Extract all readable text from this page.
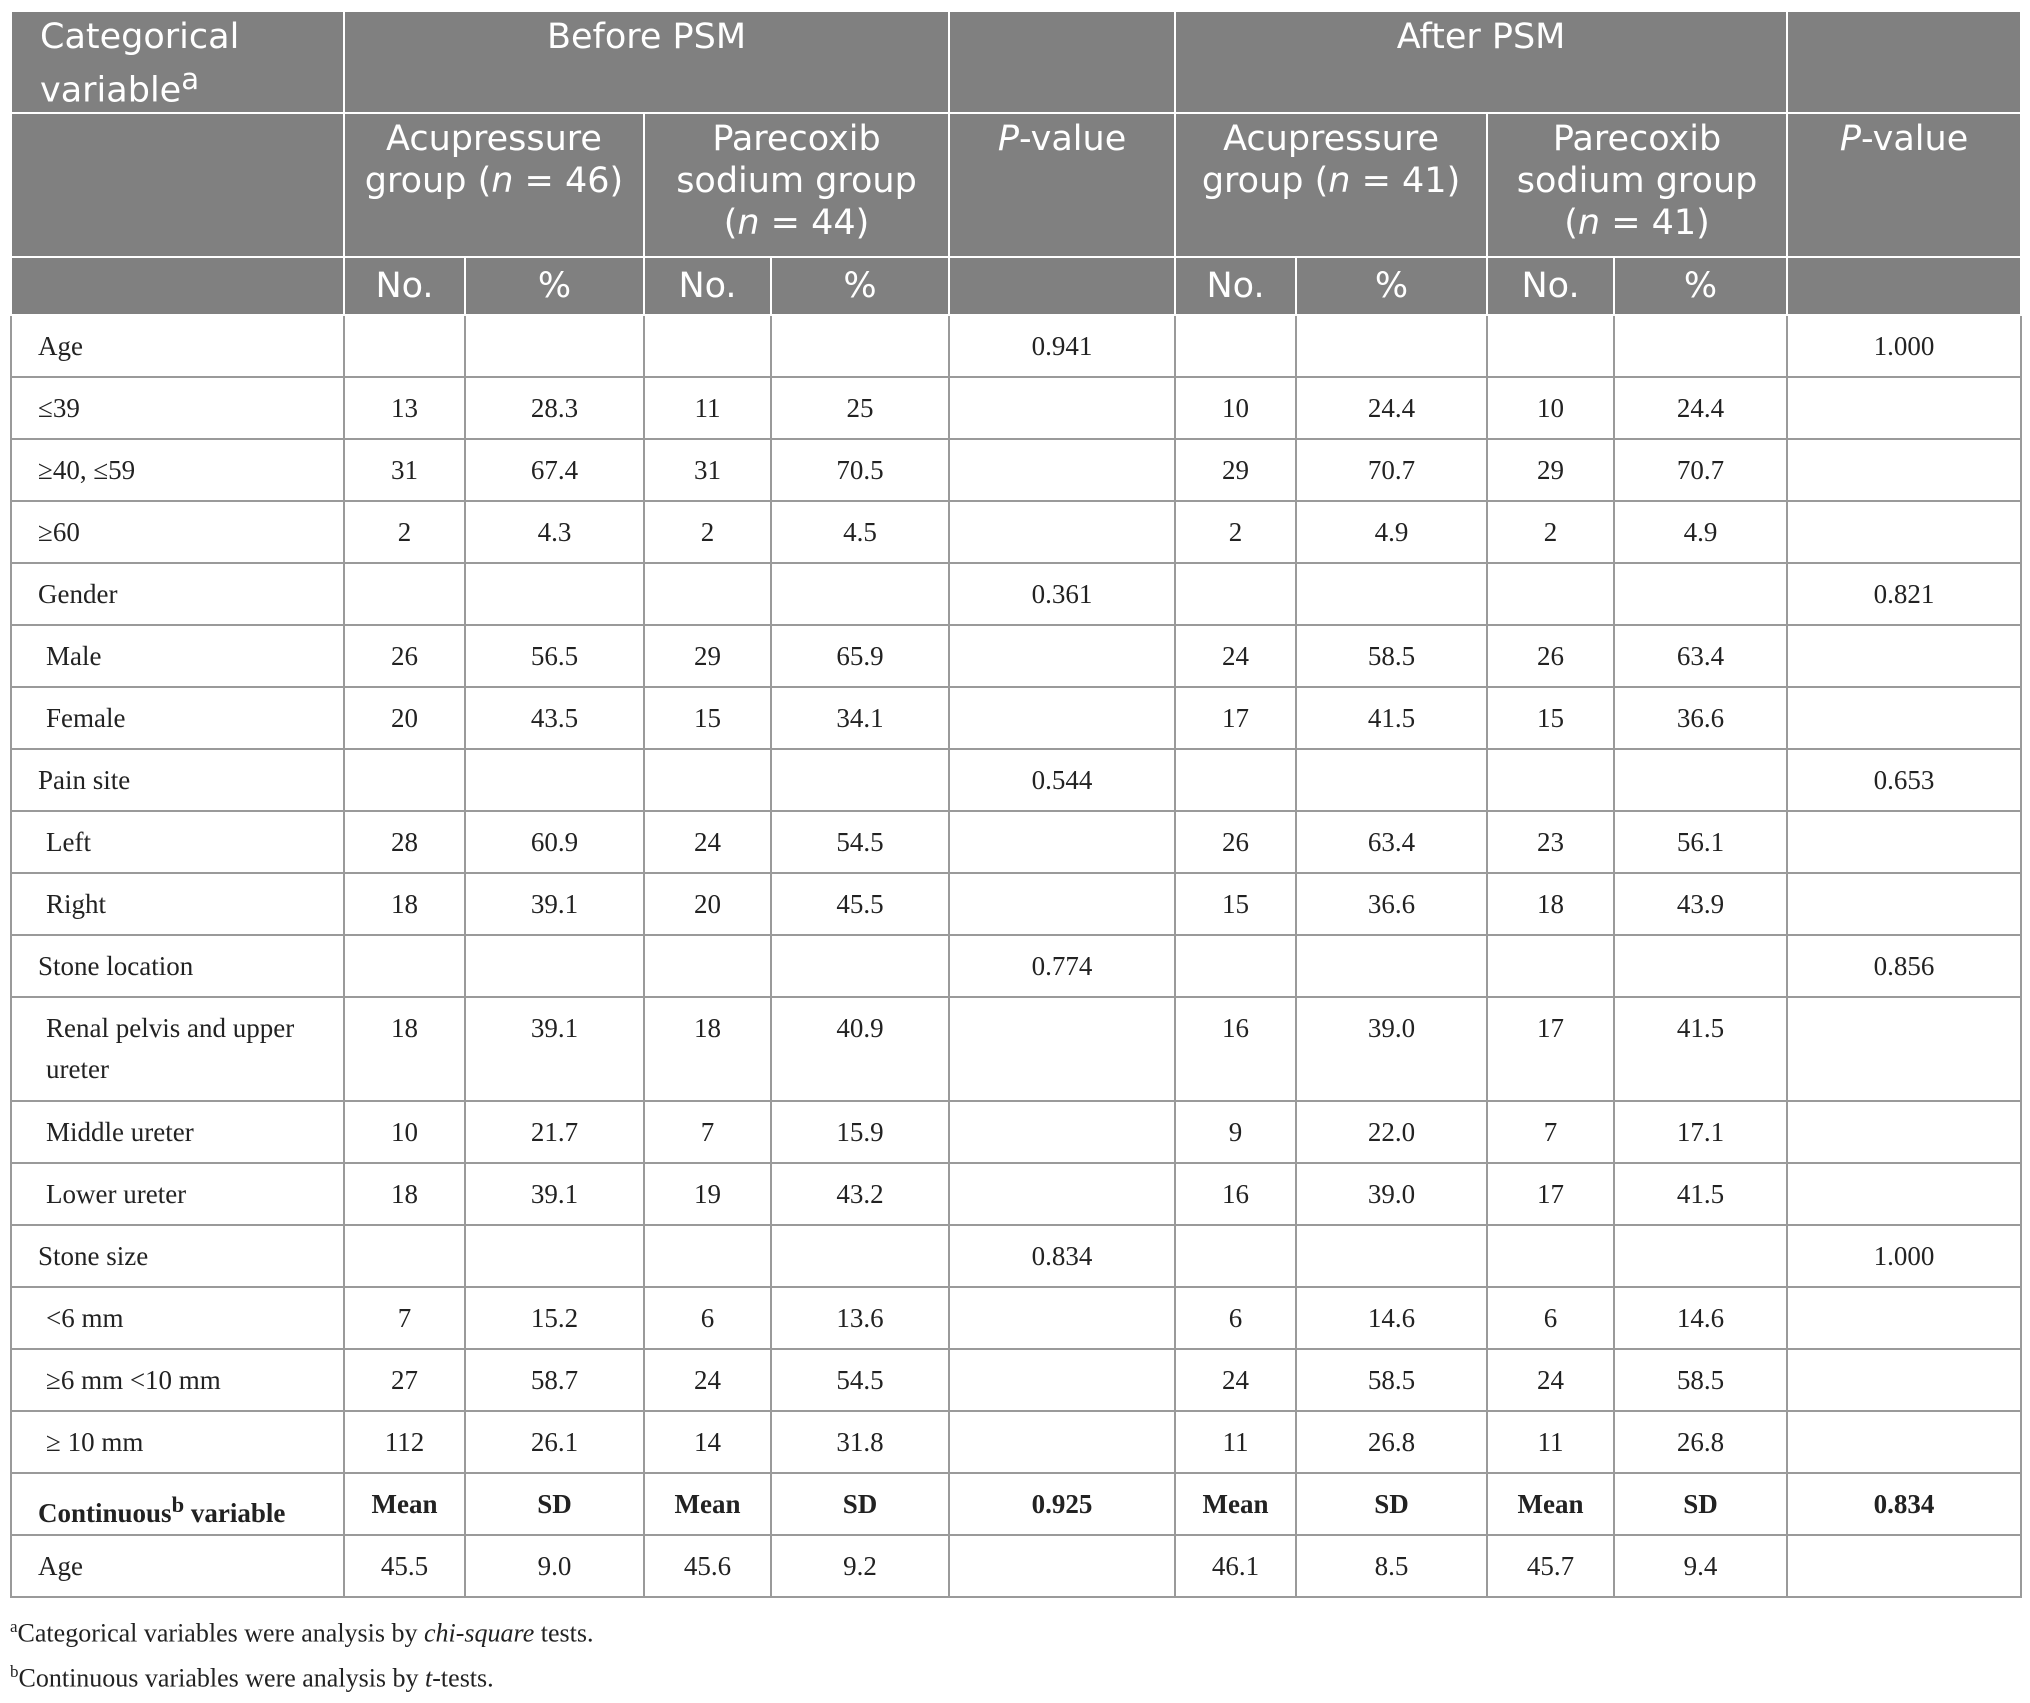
Categorical variable$^a$	Before PSM					After PSM				
	Acupressure group (n = 46)		Parecoxib sodium group (n = 44)		P-value	Acupressure group (n = 41)		Parecoxib sodium group (n = 41)		P-value
	No.	%	No.	%		No.	%	No.	%	
Age					0.941					1.000
≤39	13	28.3	11	25		10	24.4	10	24.4	
≥40, ≤59	31	67.4	31	70.5		29	70.7	29	70.7	
≥60	2	4.3	2	4.5		2	4.9	2	4.9	
Gender					0.361					0.821
Male	26	56.5	29	65.9		24	58.5	26	63.4	
Female	20	43.5	15	34.1		17	41.5	15	36.6	
Pain site					0.544					0.653
Left	28	60.9	24	54.5		26	63.4	23	56.1	
Right	18	39.1	20	45.5		15	36.6	18	43.9	
Stone location					0.774					0.856
Renal pelvis and upper ureter	18	39.1	18	40.9		16	39.0	17	41.5	
Middle ureter	10	21.7	7	15.9		9	22.0	7	17.1	
Lower ureter	18	39.1	19	43.2		16	39.0	17	41.5	
Stone size					0.834					1.000
<6 mm	7	15.2	6	13.6		6	14.6	6	14.6	
≥6 mm <10 mm	27	58.7	24	54.5		24	58.5	24	58.5	
≥ 10 mm	112	26.1	14	31.8		11	26.8	11	26.8	
Continuous$^b$ variable	Mean	SD	Mean	SD	0.925	Mean	SD	Mean	SD	0.834
Age	45.5	9.0	45.6	9.2		46.1	8.5	45.7	9.4	
$^a$Categorical variables were analysis by chi-square tests.
$^b$Continuous variables were analysis by t-tests.
